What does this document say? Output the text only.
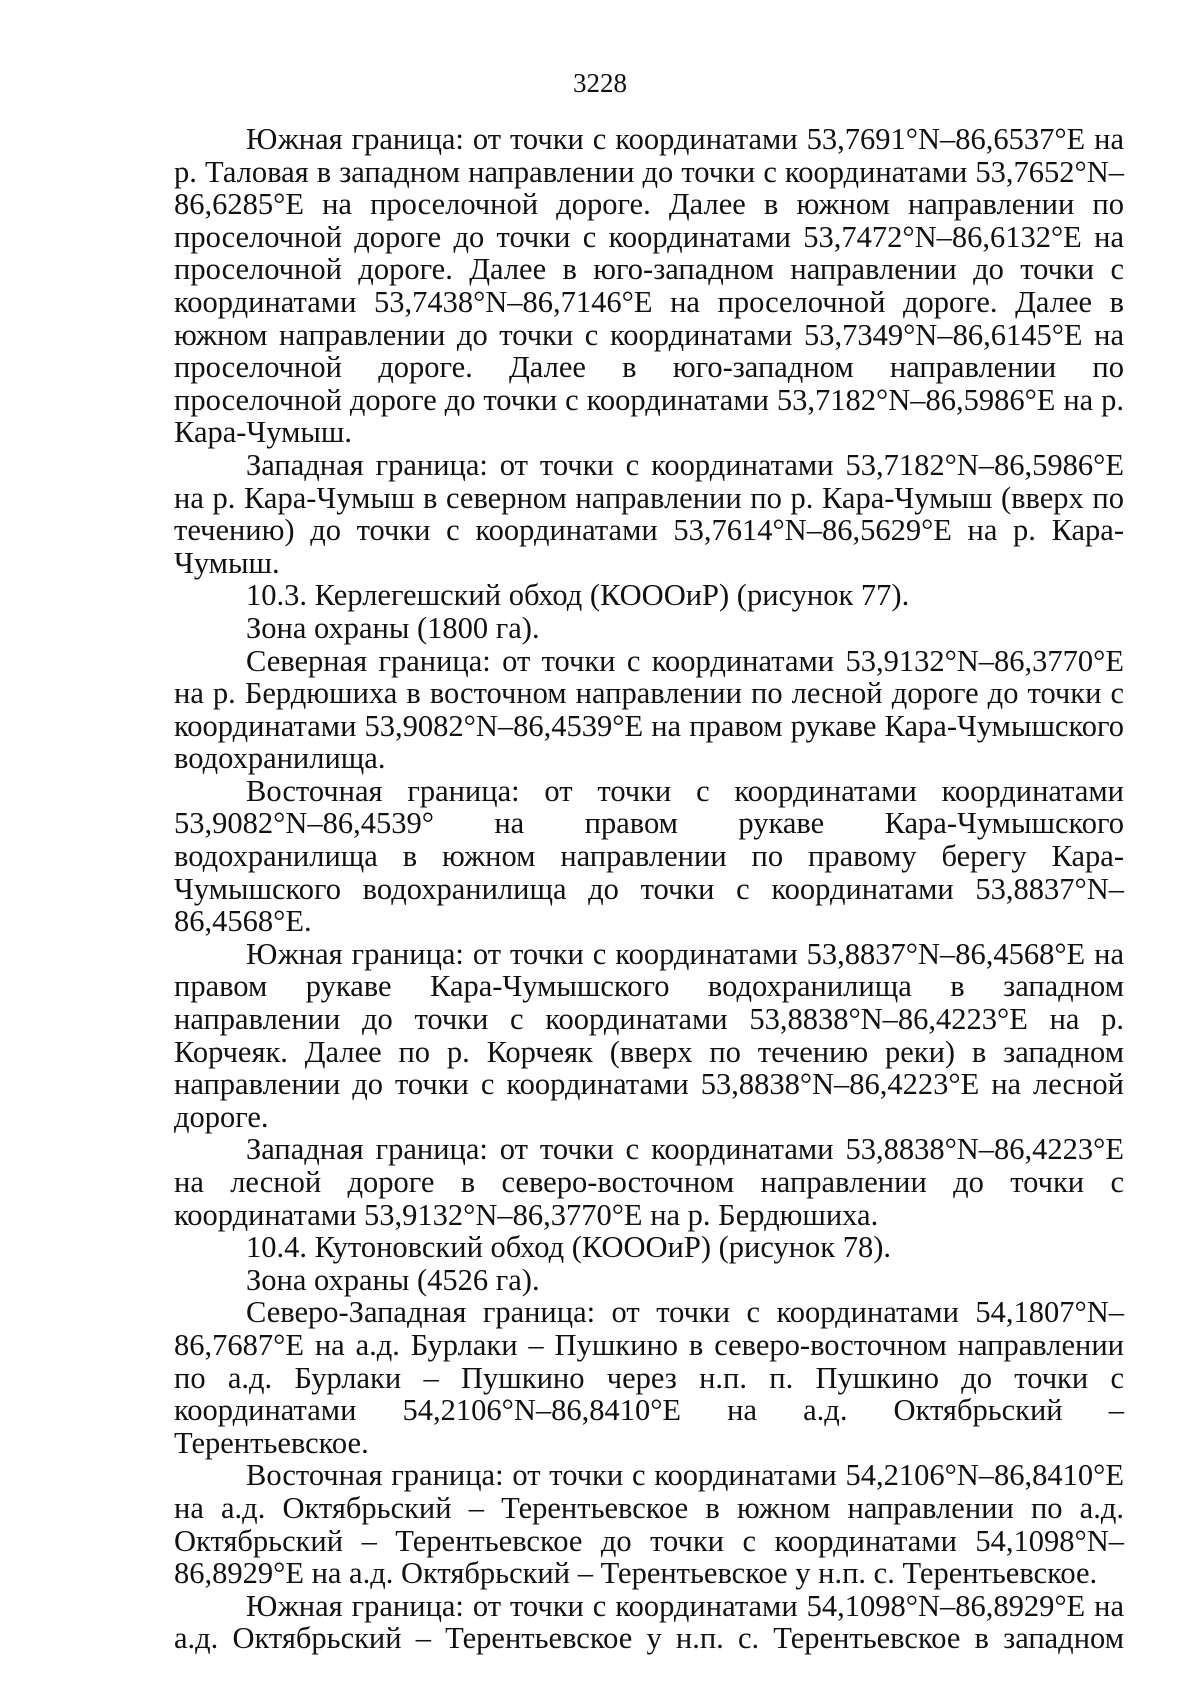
3228

Южная граница: от точки с координатами 53,7691°N–86,6537°E на р. Таловая в западном направлении до точки с координатами 53,7652°N–86,6285°E на проселочной дороге. Далее в южном направлении по проселочной дороге до точки с координатами 53,7472°N–86,6132°E на проселочной дороге. Далее в юго-западном направлении до точки с координатами 53,7438°N–86,7146°E на проселочной дороге. Далее в южном направлении до точки с координатами 53,7349°N–86,6145°E на проселочной дороге. Далее в юго-западном направлении по проселочной дороге до точки с координатами 53,7182°N–86,5986°E на р. Кара-Чумыш.

Западная граница: от точки с координатами 53,7182°N–86,5986°E на р. Кара-Чумыш в северном направлении по р. Кара-Чумыш (вверх по течению) до точки с координатами 53,7614°N–86,5629°E на р. Кара-Чумыш.

10.3. Керлегешский обход (КОООиР) (рисунок 77).

Зона охраны (1800 га).

Северная граница: от точки с координатами 53,9132°N–86,3770°E на р. Бердюшиха в восточном направлении по лесной дороге до точки с координатами 53,9082°N–86,4539°E на правом рукаве Кара-Чумышского водохранилища.

Восточная граница: от точки с координатами координатами 53,9082°N–86,4539° на правом рукаве Кара-Чумышского водохранилища в южном направлении по правому берегу Кара-Чумышского водохранилища до точки с координатами 53,8837°N–86,4568°E.

Южная граница: от точки с координатами 53,8837°N–86,4568°E на правом рукаве Кара-Чумышского водохранилища в западном направлении до точки с координатами 53,8838°N–86,4223°E на р. Корчеяк. Далее по р. Корчеяк (вверх по течению реки) в западном направлении до точки с координатами 53,8838°N–86,4223°E на лесной дороге.

Западная граница: от точки с координатами 53,8838°N–86,4223°E на лесной дороге в северо-восточном направлении до точки с координатами 53,9132°N–86,3770°E на р. Бердюшиха.

10.4. Кутоновский обход (КОООиР) (рисунок 78).

Зона охраны (4526 га).

Северо-Западная граница: от точки с координатами 54,1807°N–86,7687°E на а.д. Бурлаки – Пушкино в северо-восточном направлении по а.д. Бурлаки – Пушкино через н.п. п. Пушкино до точки с координатами 54,2106°N–86,8410°E на а.д. Октябрьский – Терентьевское.

Восточная граница: от точки с координатами 54,2106°N–86,8410°E на а.д. Октябрьский – Терентьевское в южном направлении по а.д. Октябрьский – Терентьевское до точки с координатами 54,1098°N–86,8929°E на а.д. Октябрьский – Терентьевское у н.п. с. Терентьевское.

Южная граница: от точки с координатами 54,1098°N–86,8929°E на а.д. Октябрьский – Терентьевское у н.п. с. Терентьевское в западном
